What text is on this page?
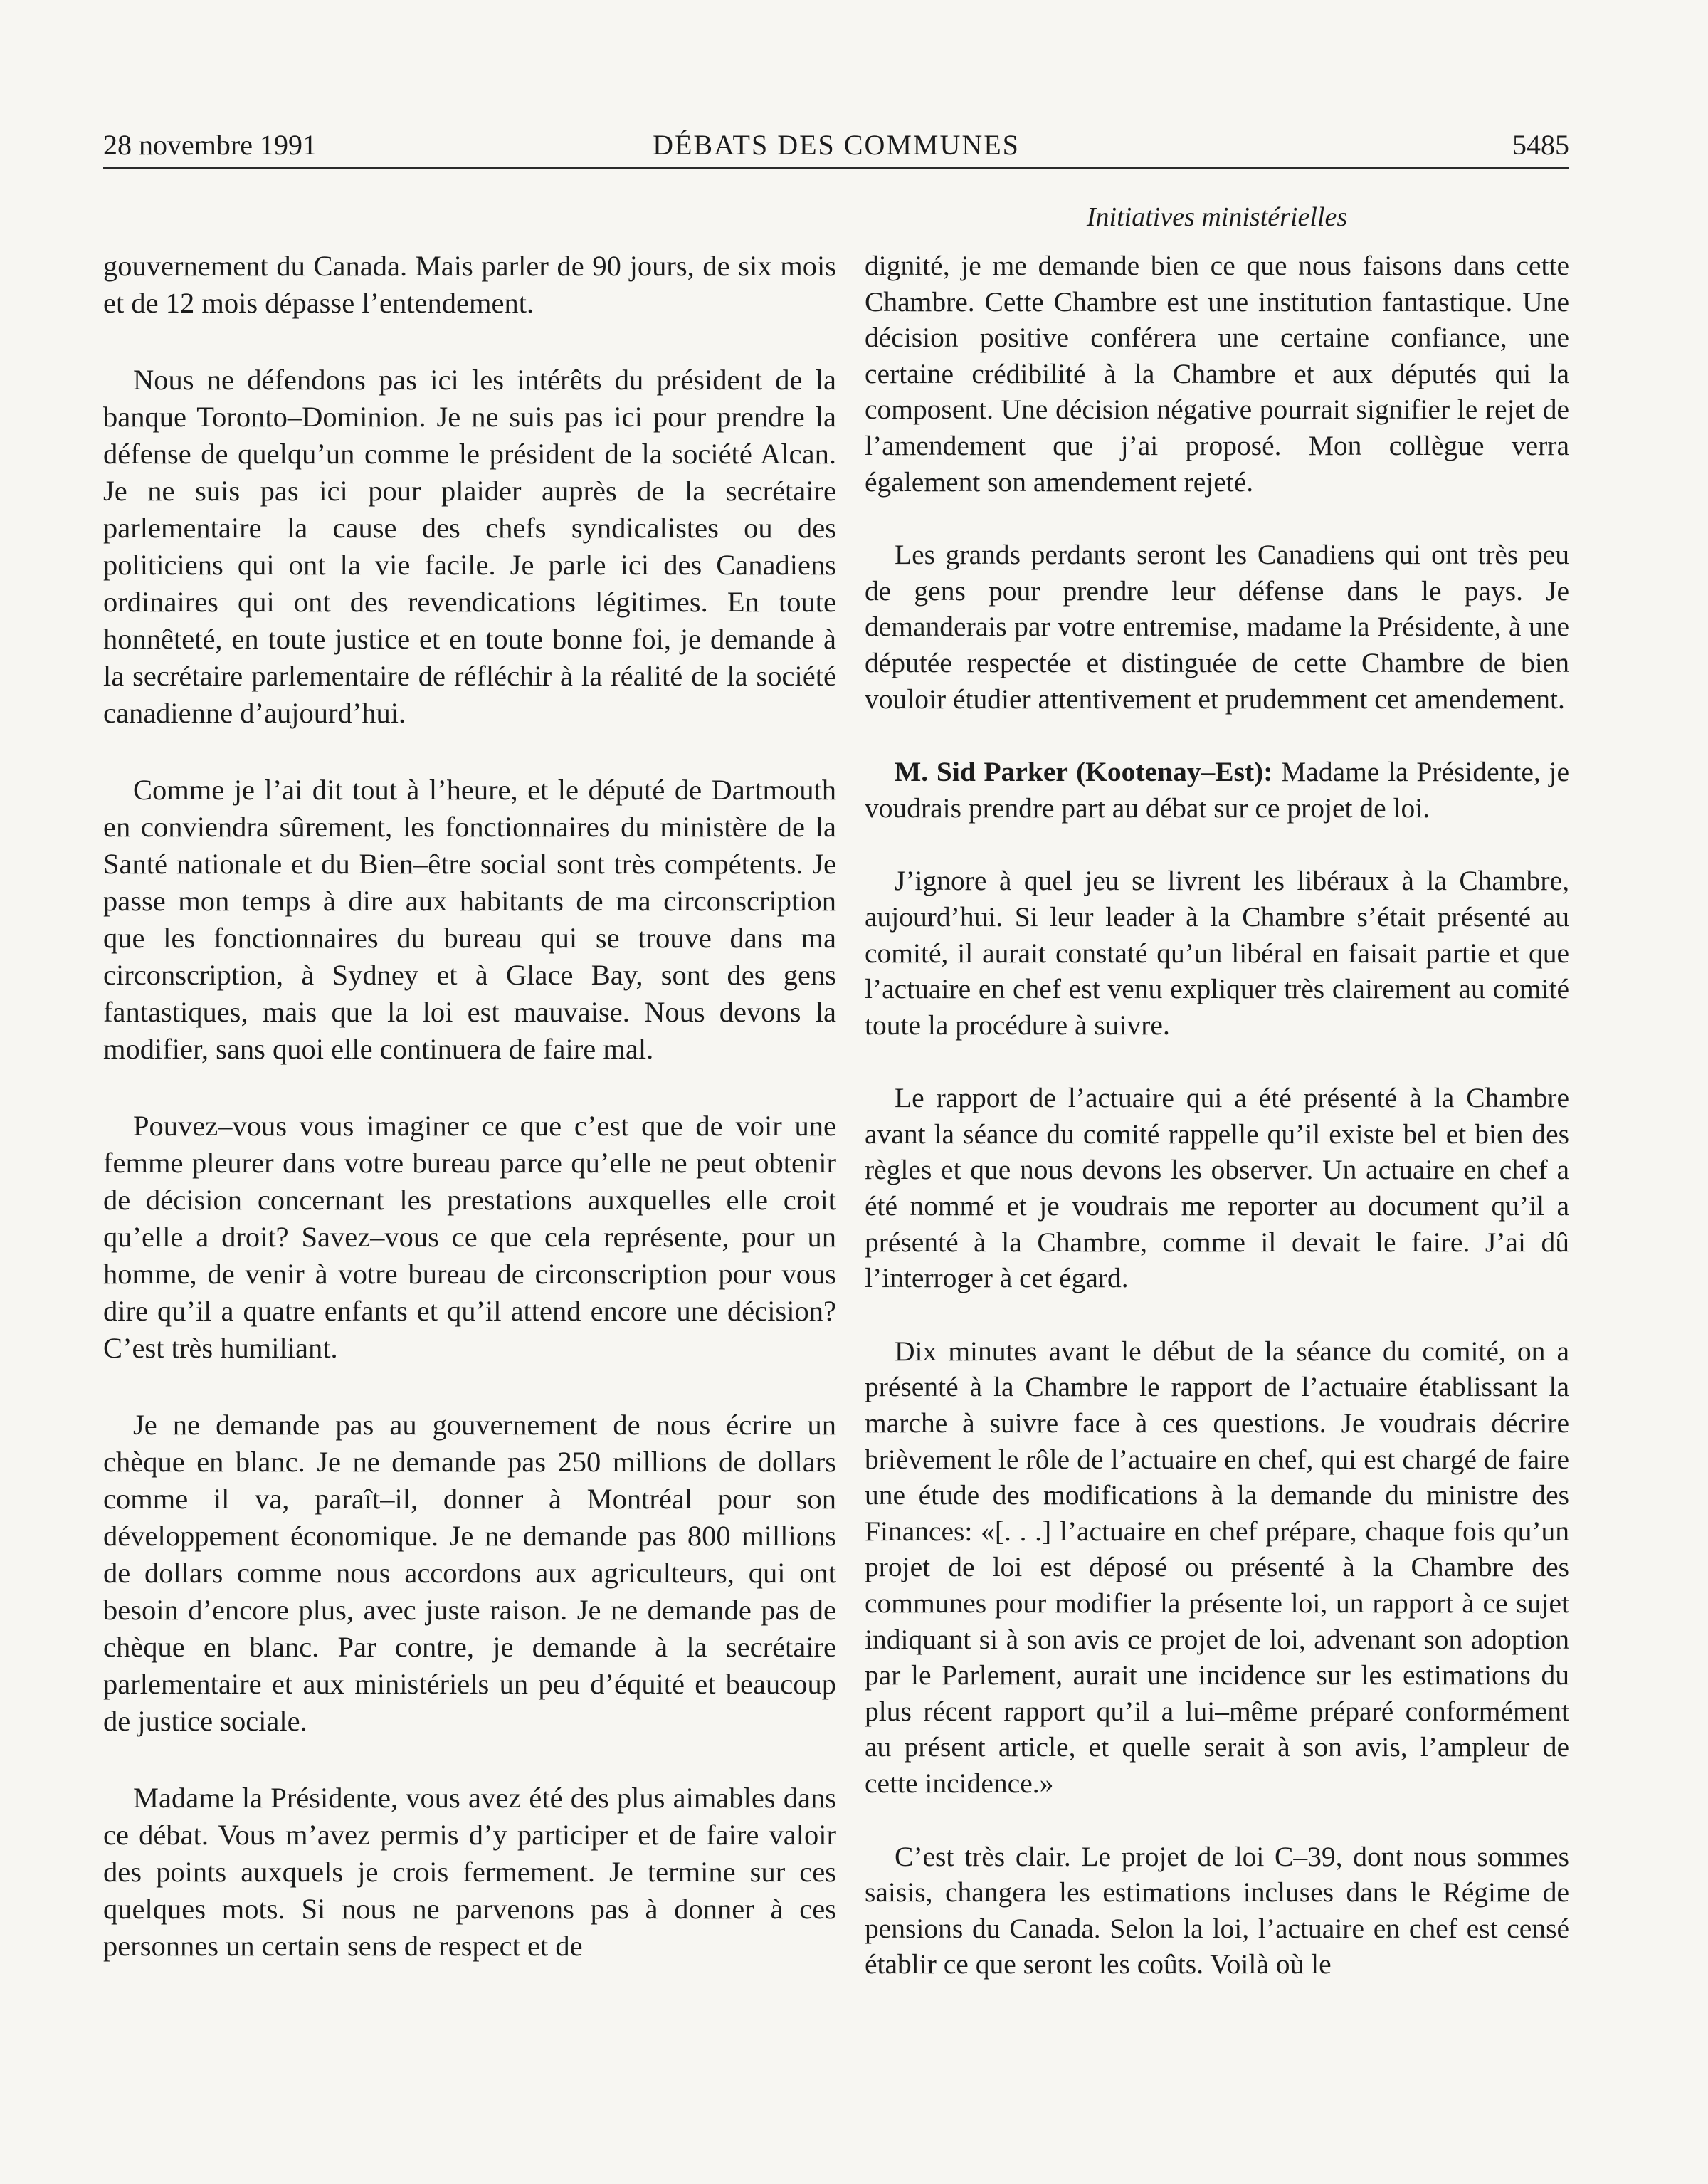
28 novembre 1991	DÉBATS DES COMMUNES	5485
Initiatives ministérielles

gouvernement du Canada. Mais parler de 90 jours, de six mois et de 12 mois dépasse l’entendement.

Nous ne défendons pas ici les intérêts du président de la banque Toronto–Dominion. Je ne suis pas ici pour prendre la défense de quelqu’un comme le président de la société Alcan. Je ne suis pas ici pour plaider auprès de la secrétaire parlementaire la cause des chefs syndicalistes ou des politiciens qui ont la vie facile. Je parle ici des Canadiens ordinaires qui ont des revendications légitimes. En toute honnêteté, en toute justice et en toute bonne foi, je demande à la secrétaire parlementaire de réfléchir à la réalité de la société canadienne d’aujourd’hui.

Comme je l’ai dit tout à l’heure, et le député de Dartmouth en conviendra sûrement, les fonctionnaires du ministère de la Santé nationale et du Bien–être social sont très compétents. Je passe mon temps à dire aux habitants de ma circonscription que les fonctionnaires du bureau qui se trouve dans ma circonscription, à Sydney et à Glace Bay, sont des gens fantastiques, mais que la loi est mauvaise. Nous devons la modifier, sans quoi elle continuera de faire mal.

Pouvez–vous vous imaginer ce que c’est que de voir une femme pleurer dans votre bureau parce qu’elle ne peut obtenir de décision concernant les prestations auxquelles elle croit qu’elle a droit? Savez–vous ce que cela représente, pour un homme, de venir à votre bureau de circonscription pour vous dire qu’il a quatre enfants et qu’il attend encore une décision? C’est très humiliant.

Je ne demande pas au gouvernement de nous écrire un chèque en blanc. Je ne demande pas 250 millions de dollars comme il va, paraît–il, donner à Montréal pour son développement économique. Je ne demande pas 800 millions de dollars comme nous accordons aux agriculteurs, qui ont besoin d’encore plus, avec juste raison. Je ne demande pas de chèque en blanc. Par contre, je demande à la secrétaire parlementaire et aux ministériels un peu d’équité et beaucoup de justice sociale.

Madame la Présidente, vous avez été des plus aimables dans ce débat. Vous m’avez permis d’y participer et de faire valoir des points auxquels je crois fermement. Je termine sur ces quelques mots. Si nous ne parvenons pas à donner à ces personnes un certain sens de respect et de

dignité, je me demande bien ce que nous faisons dans cette Chambre. Cette Chambre est une institution fantastique. Une décision positive conférera une certaine confiance, une certaine crédibilité à la Chambre et aux députés qui la composent. Une décision négative pourrait signifier le rejet de l’amendement que j’ai proposé. Mon collègue verra également son amendement rejeté.

Les grands perdants seront les Canadiens qui ont très peu de gens pour prendre leur défense dans le pays. Je demanderais par votre entremise, madame la Présidente, à une députée respectée et distinguée de cette Chambre de bien vouloir étudier attentivement et prudemment cet amendement.

M. Sid Parker (Kootenay–Est): Madame la Présidente, je voudrais prendre part au débat sur ce projet de loi.

J’ignore à quel jeu se livrent les libéraux à la Chambre, aujourd’hui. Si leur leader à la Chambre s’était présenté au comité, il aurait constaté qu’un libéral en faisait partie et que l’actuaire en chef est venu expliquer très clairement au comité toute la procédure à suivre.

Le rapport de l’actuaire qui a été présenté à la Chambre avant la séance du comité rappelle qu’il existe bel et bien des règles et que nous devons les observer. Un actuaire en chef a été nommé et je voudrais me reporter au document qu’il a présenté à la Chambre, comme il devait le faire. J’ai dû l’interroger à cet égard.

Dix minutes avant le début de la séance du comité, on a présenté à la Chambre le rapport de l’actuaire établissant la marche à suivre face à ces questions. Je voudrais décrire brièvement le rôle de l’actuaire en chef, qui est chargé de faire une étude des modifications à la demande du ministre des Finances: «[. . .] l’actuaire en chef prépare, chaque fois qu’un projet de loi est déposé ou présenté à la Chambre des communes pour modifier la présente loi, un rapport à ce sujet indiquant si à son avis ce projet de loi, advenant son adoption par le Parlement, aurait une incidence sur les estimations du plus récent rapport qu’il a lui–même préparé conformément au présent article, et quelle serait à son avis, l’ampleur de cette incidence.»

C’est très clair. Le projet de loi C–39, dont nous sommes saisis, changera les estimations incluses dans le Régime de pensions du Canada. Selon la loi, l’actuaire en chef est censé établir ce que seront les coûts. Voilà où le
